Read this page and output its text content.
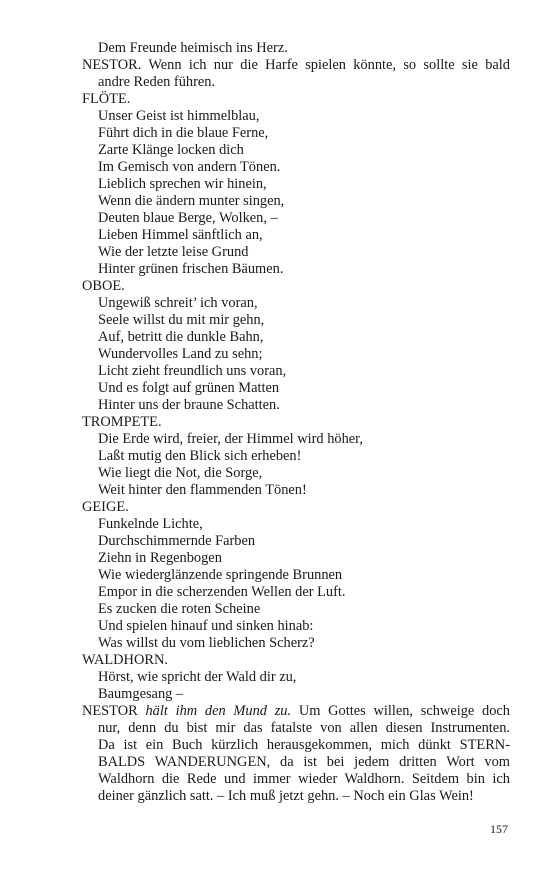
Dem Freunde heimisch ins Herz.
NESTOR. Wenn ich nur die Harfe spielen könnte, so sollte sie bald
andre Reden führen.
FLÖTE.
Unser Geist ist himmelblau,
Führt dich in die blaue Ferne,
Zarte Klänge locken dich
Im Gemisch von andern Tönen.
Lieblich sprechen wir hinein,
Wenn die ändern munter singen,
Deuten blaue Berge, Wolken, –
Lieben Himmel sänftlich an,
Wie der letzte leise Grund
Hinter grünen frischen Bäumen.
OBOE.
Ungewiß schreit’ ich voran,
Seele willst du mit mir gehn,
Auf, betritt die dunkle Bahn,
Wundervolles Land zu sehn;
Licht zieht freundlich uns voran,
Und es folgt auf grünen Matten
Hinter uns der braune Schatten.
TROMPETE.
Die Erde wird, freier, der Himmel wird höher,
Laßt mutig den Blick sich erheben!
Wie liegt die Not, die Sorge,
Weit hinter den flammenden Tönen!
GEIGE.
Funkelnde Lichte,
Durchschimmernde Farben
Ziehn in Regenbogen
Wie wiederglänzende springende Brunnen
Empor in die scherzenden Wellen der Luft.
Es zucken die roten Scheine
Und spielen hinauf und sinken hinab:
Was willst du vom lieblichen Scherz?
WALDHORN.
Hörst, wie spricht der Wald dir zu,
Baumgesang –
NESTOR hält ihm den Mund zu. Um Gottes willen, schweige doch
nur, denn du bist mir das fatalste von allen diesen Instrumenten.
Da ist ein Buch kürzlich herausgekommen, mich dünkt STERN-
BALDS WANDERUNGEN, da ist bei jedem dritten Wort vom
Waldhorn die Rede und immer wieder Waldhorn. Seitdem bin ich
deiner gänzlich satt. – Ich muß jetzt gehn. – Noch ein Glas Wein!
157
